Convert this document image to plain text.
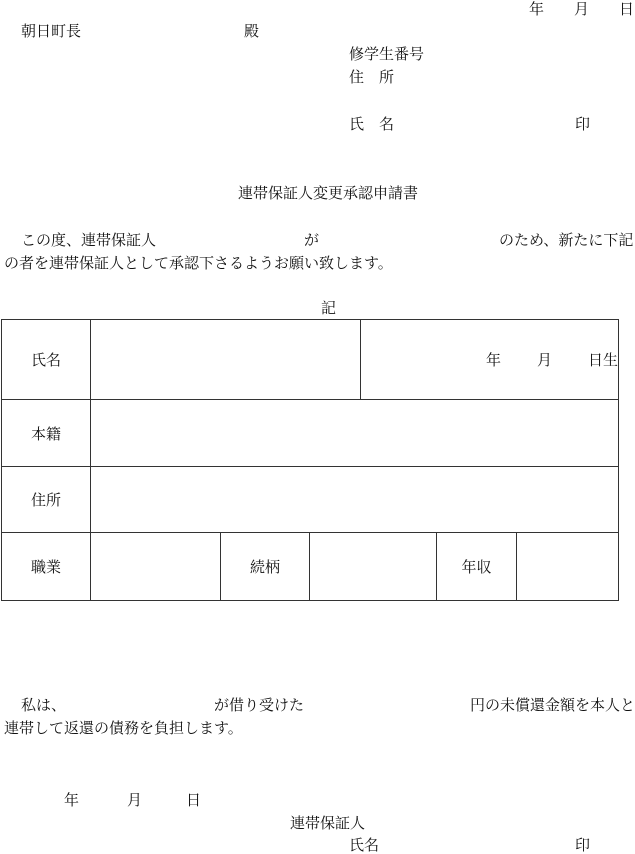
年 月 日
朝日町長	殿
修学生番号
住　所
氏　名	印
連帯保証人変更承認申請書
この度、連帯保証人	が	のため、新たに下記
の者を連帯保証人として承認下さるようお願い致します。
記
氏名				年 月 日生		
本籍						
住所						
職業		続柄			年収	
私は、	が借り受けた	円の未償還金額を本人と
連帯して返還の債務を負担します。
年	月	日
連帯保証人
氏名	印
